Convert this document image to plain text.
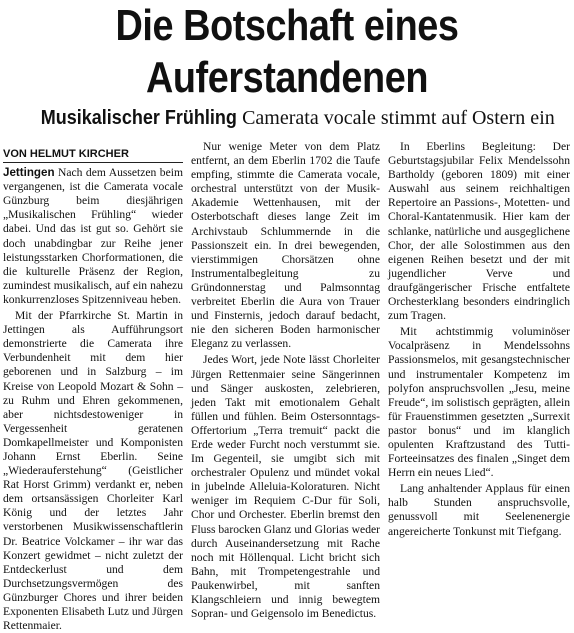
Die Botschaft eines
Auferstandenen
Musikalischer Frühling Camerata vocale stimmt auf Ostern ein
VON HELMUT KIRCHER

Jettingen Nach dem Aussetzen beim vergangenen, ist die Camerata vocale Günzburg beim diesjährigen „Musikalischen Frühling“ wieder dabei. Und das ist gut so. Gehört sie doch unabdingbar zur Reihe jener leistungsstarken Chorformationen, die die kulturelle Präsenz der Region, zumindest musikalisch, auf ein nahezu konkurrenzloses Spitzenniveau heben.

Mit der Pfarrkirche St. Martin in Jettingen als Aufführungsort demonstrierte die Camerata ihre Verbundenheit mit dem hier geborenen und in Salzburg – im Kreise von Leopold Mozart & Sohn – zu Ruhm und Ehren gekommenen, aber nichtsdestoweniger in Vergessenheit geratenen Domkapellmeister und Komponisten Johann Ernst Eberlin. Seine „Wiederauferstehung“ (Geistlicher Rat Horst Grimm) verdankt er, neben dem ortsansässigen Chorleiter Karl König und der letztes Jahr verstorbenen Musikwissenschaftlerin Dr. Beatrice Volckamer – ihr war das Konzert gewidmet – nicht zuletzt der Entdeckerlust und dem Durchsetzungsvermögen des Günzburger Chores und ihrer beiden Exponenten Elisabeth Lutz und Jürgen Rettenmaier.

Nur wenige Meter von dem Platz entfernt, an dem Eberlin 1702 die Taufe empfing, stimmte die Camerata vocale, orchestral unterstützt von der Musik-Akademie Wettenhausen, mit der Osterbotschaft dieses lange Zeit im Archivstaub Schlummernde in die Passionszeit ein. In drei bewegenden, vierstimmigen Chorsätzen ohne Instrumentalbegleitung zu Gründonnerstag und Palmsonntag verbreitet Eberlin die Aura von Trauer und Finsternis, jedoch darauf bedacht, nie den sicheren Boden harmonischer Eleganz zu verlassen.

Jedes Wort, jede Note lässt Chorleiter Jürgen Rettenmaier seine Sängerinnen und Sänger auskosten, zelebrieren, jeden Takt mit emotionalem Gehalt füllen und fühlen. Beim Ostersonntags-Offertorium „Terra tremuit“ packt die Erde weder Furcht noch verstummt sie. Im Gegenteil, sie umgibt sich mit orchestraler Opulenz und mündet vokal in jubelnde Alleluia-Koloraturen. Nicht weniger im Requiem C-Dur für Soli, Chor und Orchester. Eberlin bremst den Fluss barocken Glanz und Glorias weder durch Auseinandersetzung mit Rache noch mit Höllenqual. Licht bricht sich Bahn, mit Trompetengestrahle und Paukenwirbel, mit sanften Klangschleiern und innig bewegtem Sopran- und Geigensolo im Benedictus.

In Eberlins Begleitung: Der Geburtstagsjubilar Felix Mendelssohn Bartholdy (geboren 1809) mit einer Auswahl aus seinem reichhaltigen Repertoire an Passions-, Motetten- und Choral-Kantatenmusik. Hier kam der schlanke, natürliche und ausgeglichene Chor, der alle Solostimmen aus den eigenen Reihen besetzt und der mit jugendlicher Verve und draufgängerischer Frische entfaltete Orchesterklang besonders eindringlich zum Tragen.

Mit achtstimmig voluminöser Vocalpräsenz in Mendelssohns Passionsmelos, mit gesangstechnischer und instrumentaler Kompetenz im polyfon anspruchsvollen „Jesu, meine Freude“, im solistisch geprägten, allein für Frauenstimmen gesetzten „Surrexit pastor bonus“ und im klanglich opulenten Kraftzustand des Tutti-Forteeinsatzes des finalen „Singet dem Herrn ein neues Lied“.

Lang anhaltender Applaus für einen halb Stunden anspruchsvolle, genussvoll mit Seelenenergie angereicherte Tonkunst mit Tiefgang.
